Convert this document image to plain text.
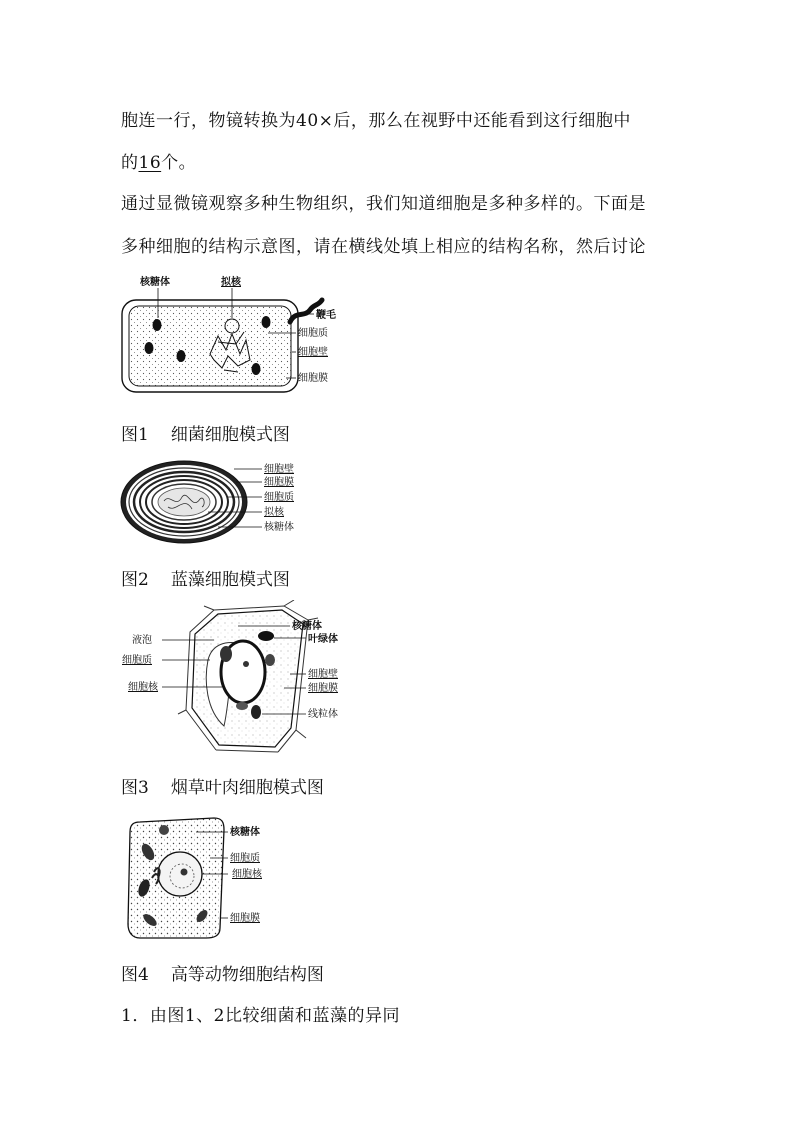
胞连一行，物镜转换为40×后，那么在视野中还能看到这行细胞中
的16个。
通过显微镜观察多种生物组织，我们知道细胞是多种多样的。下面是
多种细胞的结构示意图，请在横线处填上相应的结构名称，然后讨论
核糖体	拟核
鞭毛
细胞质
细胞壁
细胞膜
图1 细菌细胞模式图
细胞壁
细胞膜
细胞质
拟核
核糖体
图2 蓝藻细胞模式图
核糖体
叶绿体
液泡
细胞质
细胞核
细胞壁
细胞膜
线粒体
图3 烟草叶肉细胞模式图
核糖体
细胞质
细胞核
细胞膜
图4 高等动物细胞结构图
1．由图1、2比较细菌和蓝藻的异同
